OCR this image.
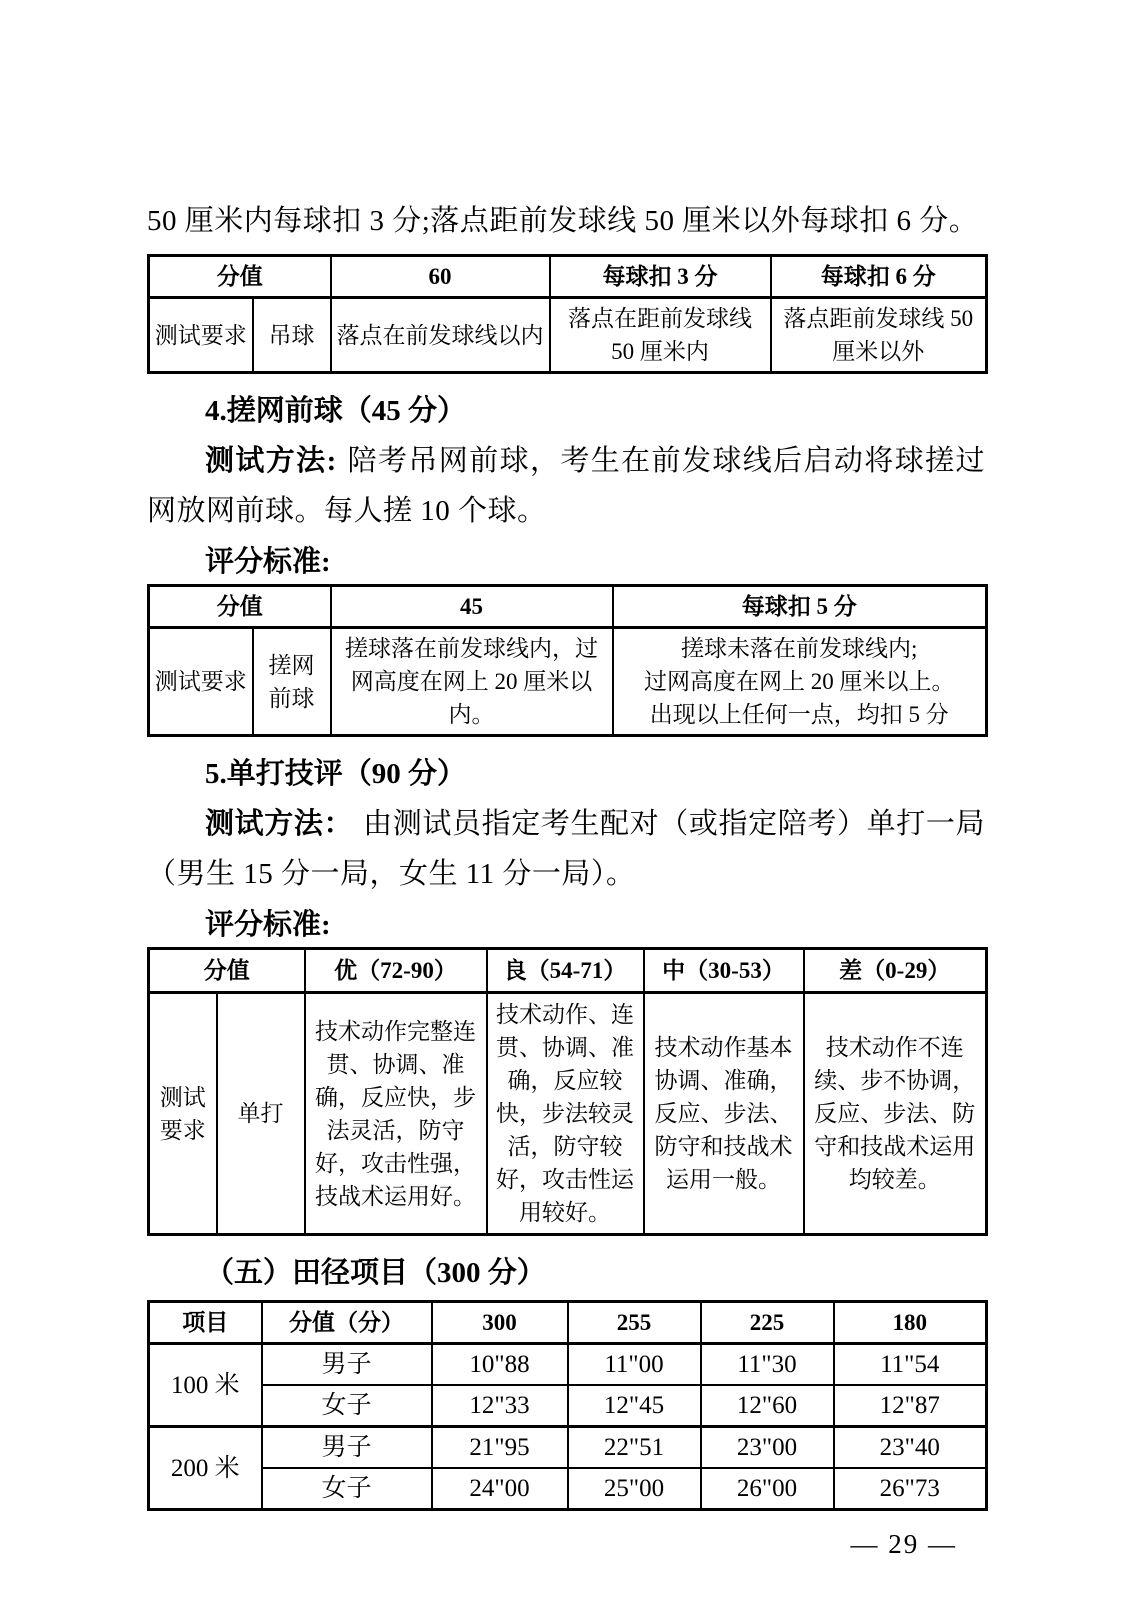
50 厘米内每球扣 3 分;落点距前发球线 50 厘米以外每球扣 6 分。

分值		60	每球扣 3 分	每球扣 6 分
测试要求	吊球	落点在前发球线以内	落点在距前发球线 50 厘米内	落点距前发球线 50 厘米以外
4.搓网前球（45 分）

测试方法: 陪考吊网前球，考生在前发球线后启动将球搓过网放网前球。每人搓 10 个球。

评分标准:

分值		45	每球扣 5 分
测试要求	搓网
前球	搓球落在前发球线内，过网高度在网上 20 厘米以内。	搓球未落在前发球线内;
过网高度在网上 20 厘米以上。
出现以上任何一点，均扣 5 分
5.单打技评（90 分）

测试方法： 由测试员指定考生配对（或指定陪考）单打一局（男生 15 分一局，女生 11 分一局）。

评分标准:

分值		优（72-90）	良（54-71）	中（30-53）	差（0-29）

测试
要求	单打	技术动作完整连贯、协调、准确，反应快，步法灵活，防守好，攻击性强，技战术运用好。	技术动作、连贯、协调、准确，反应较快，步法较灵活，防守较好，攻击性运用较好。	技术动作基本协调、准确，反应、步法、防守和技战术运用一般。	技术动作不连续、步不协调，反应、步法、防守和技战术运用均较差。
（五）田径项目（300 分）
项目	分值（分）	300	255	225	180
100 米	男子	10"88	11"00	11"30	11"54
	女子	12"33	12"45	12"60	12"87
200 米	男子	21"95	22"51	23"00	23"40
	女子	24"00	25"00	26"00	26"73
— 29 —
